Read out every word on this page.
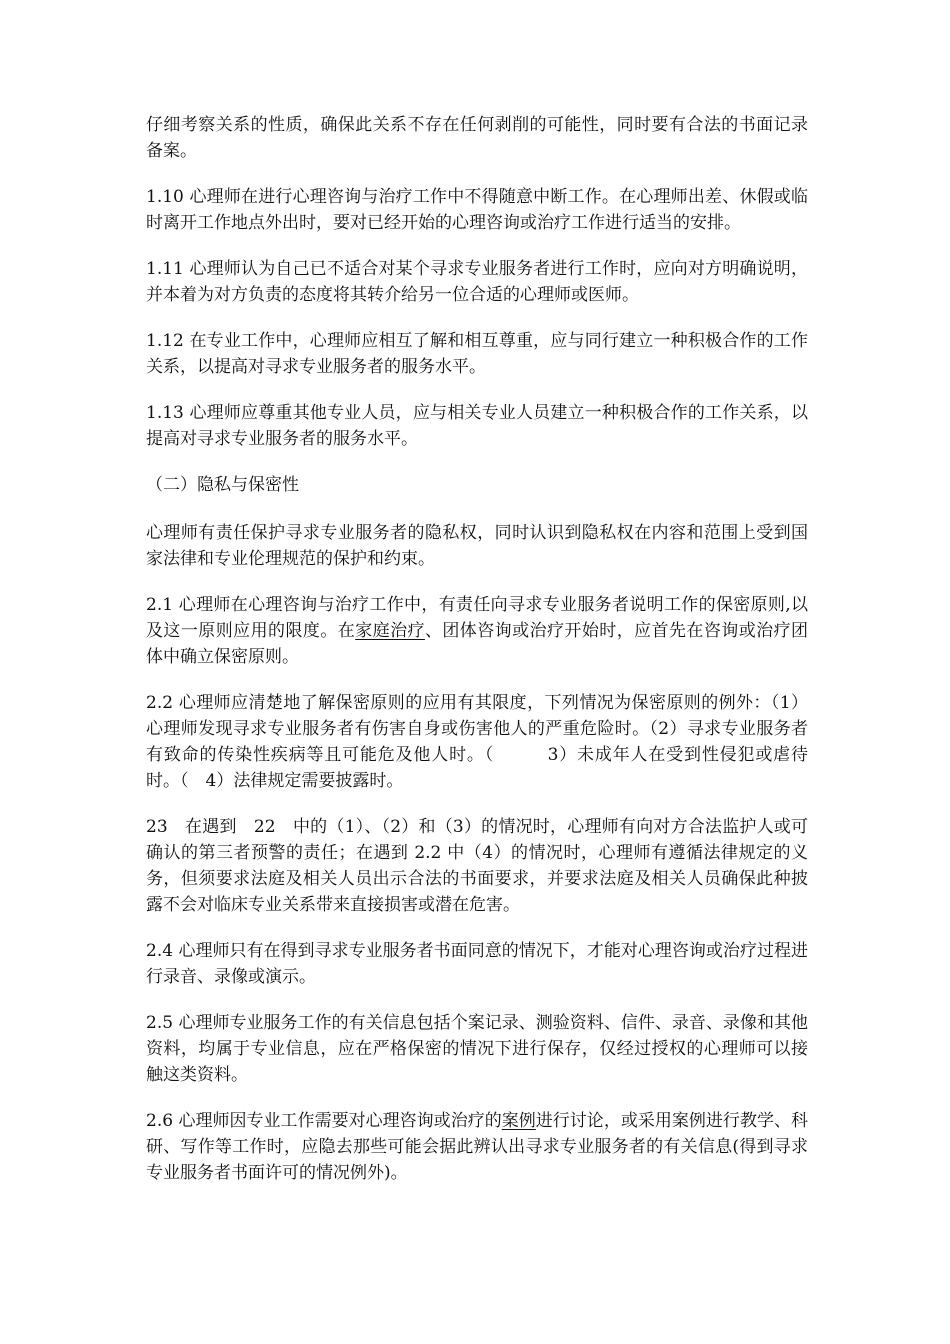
仔细考察关系的性质，确保此关系不存在任何剥削的可能性，同时要有合法的书面记录备案。

1.10 心理师在进行心理咨询与治疗工作中不得随意中断工作。在心理师出差、休假或临时离开工作地点外出时，要对已经开始的心理咨询或治疗工作进行适当的安排。

1.11 心理师认为自己已不适合对某个寻求专业服务者进行工作时，应向对方明确说明，并本着为对方负责的态度将其转介给另一位合适的心理师或医师。

1.12 在专业工作中，心理师应相互了解和相互尊重，应与同行建立一种积极合作的工作关系，以提高对寻求专业服务者的服务水平。

1.13 心理师应尊重其他专业人员，应与相关专业人员建立一种积极合作的工作关系，以提高对寻求专业服务者的服务水平。

（二）隐私与保密性

心理师有责任保护寻求专业服务者的隐私权，同时认识到隐私权在内容和范围上受到国家法律和专业伦理规范的保护和约束。

2.1 心理师在心理咨询与治疗工作中，有责任向寻求专业服务者说明工作的保密原则,以及这一原则应用的限度。在家庭治疗、团体咨询或治疗开始时，应首先在咨询或治疗团体中确立保密原则。

2.2 心理师应清楚地了解保密原则的应用有其限度，下列情况为保密原则的例外：（1）心理师发现寻求专业服务者有伤害自身或伤害他人的严重危险时。（2）寻求专业服务者有致命的传染性疾病等且可能危及他人时。（　　　3）未成年人在受到性侵犯或虐待时。（　4）法律规定需要披露时。

23　在遇到　22　中的（1）、（2）和（3）的情况时，心理师有向对方合法监护人或可确认的第三者预警的责任；在遇到 2.2 中（4）的情况时，心理师有遵循法律规定的义务，但须要求法庭及相关人员出示合法的书面要求，并要求法庭及相关人员确保此种披露不会对临床专业关系带来直接损害或潜在危害。

2.4 心理师只有在得到寻求专业服务者书面同意的情况下，才能对心理咨询或治疗过程进行录音、录像或演示。

2.5 心理师专业服务工作的有关信息包括个案记录、测验资料、信件、录音、录像和其他资料，均属于专业信息，应在严格保密的情况下进行保存，仅经过授权的心理师可以接触这类资料。

2.6 心理师因专业工作需要对心理咨询或治疗的案例进行讨论，或采用案例进行教学、科研、写作等工作时，应隐去那些可能会据此辨认出寻求专业服务者的有关信息(得到寻求专业服务者书面许可的情况例外)。
